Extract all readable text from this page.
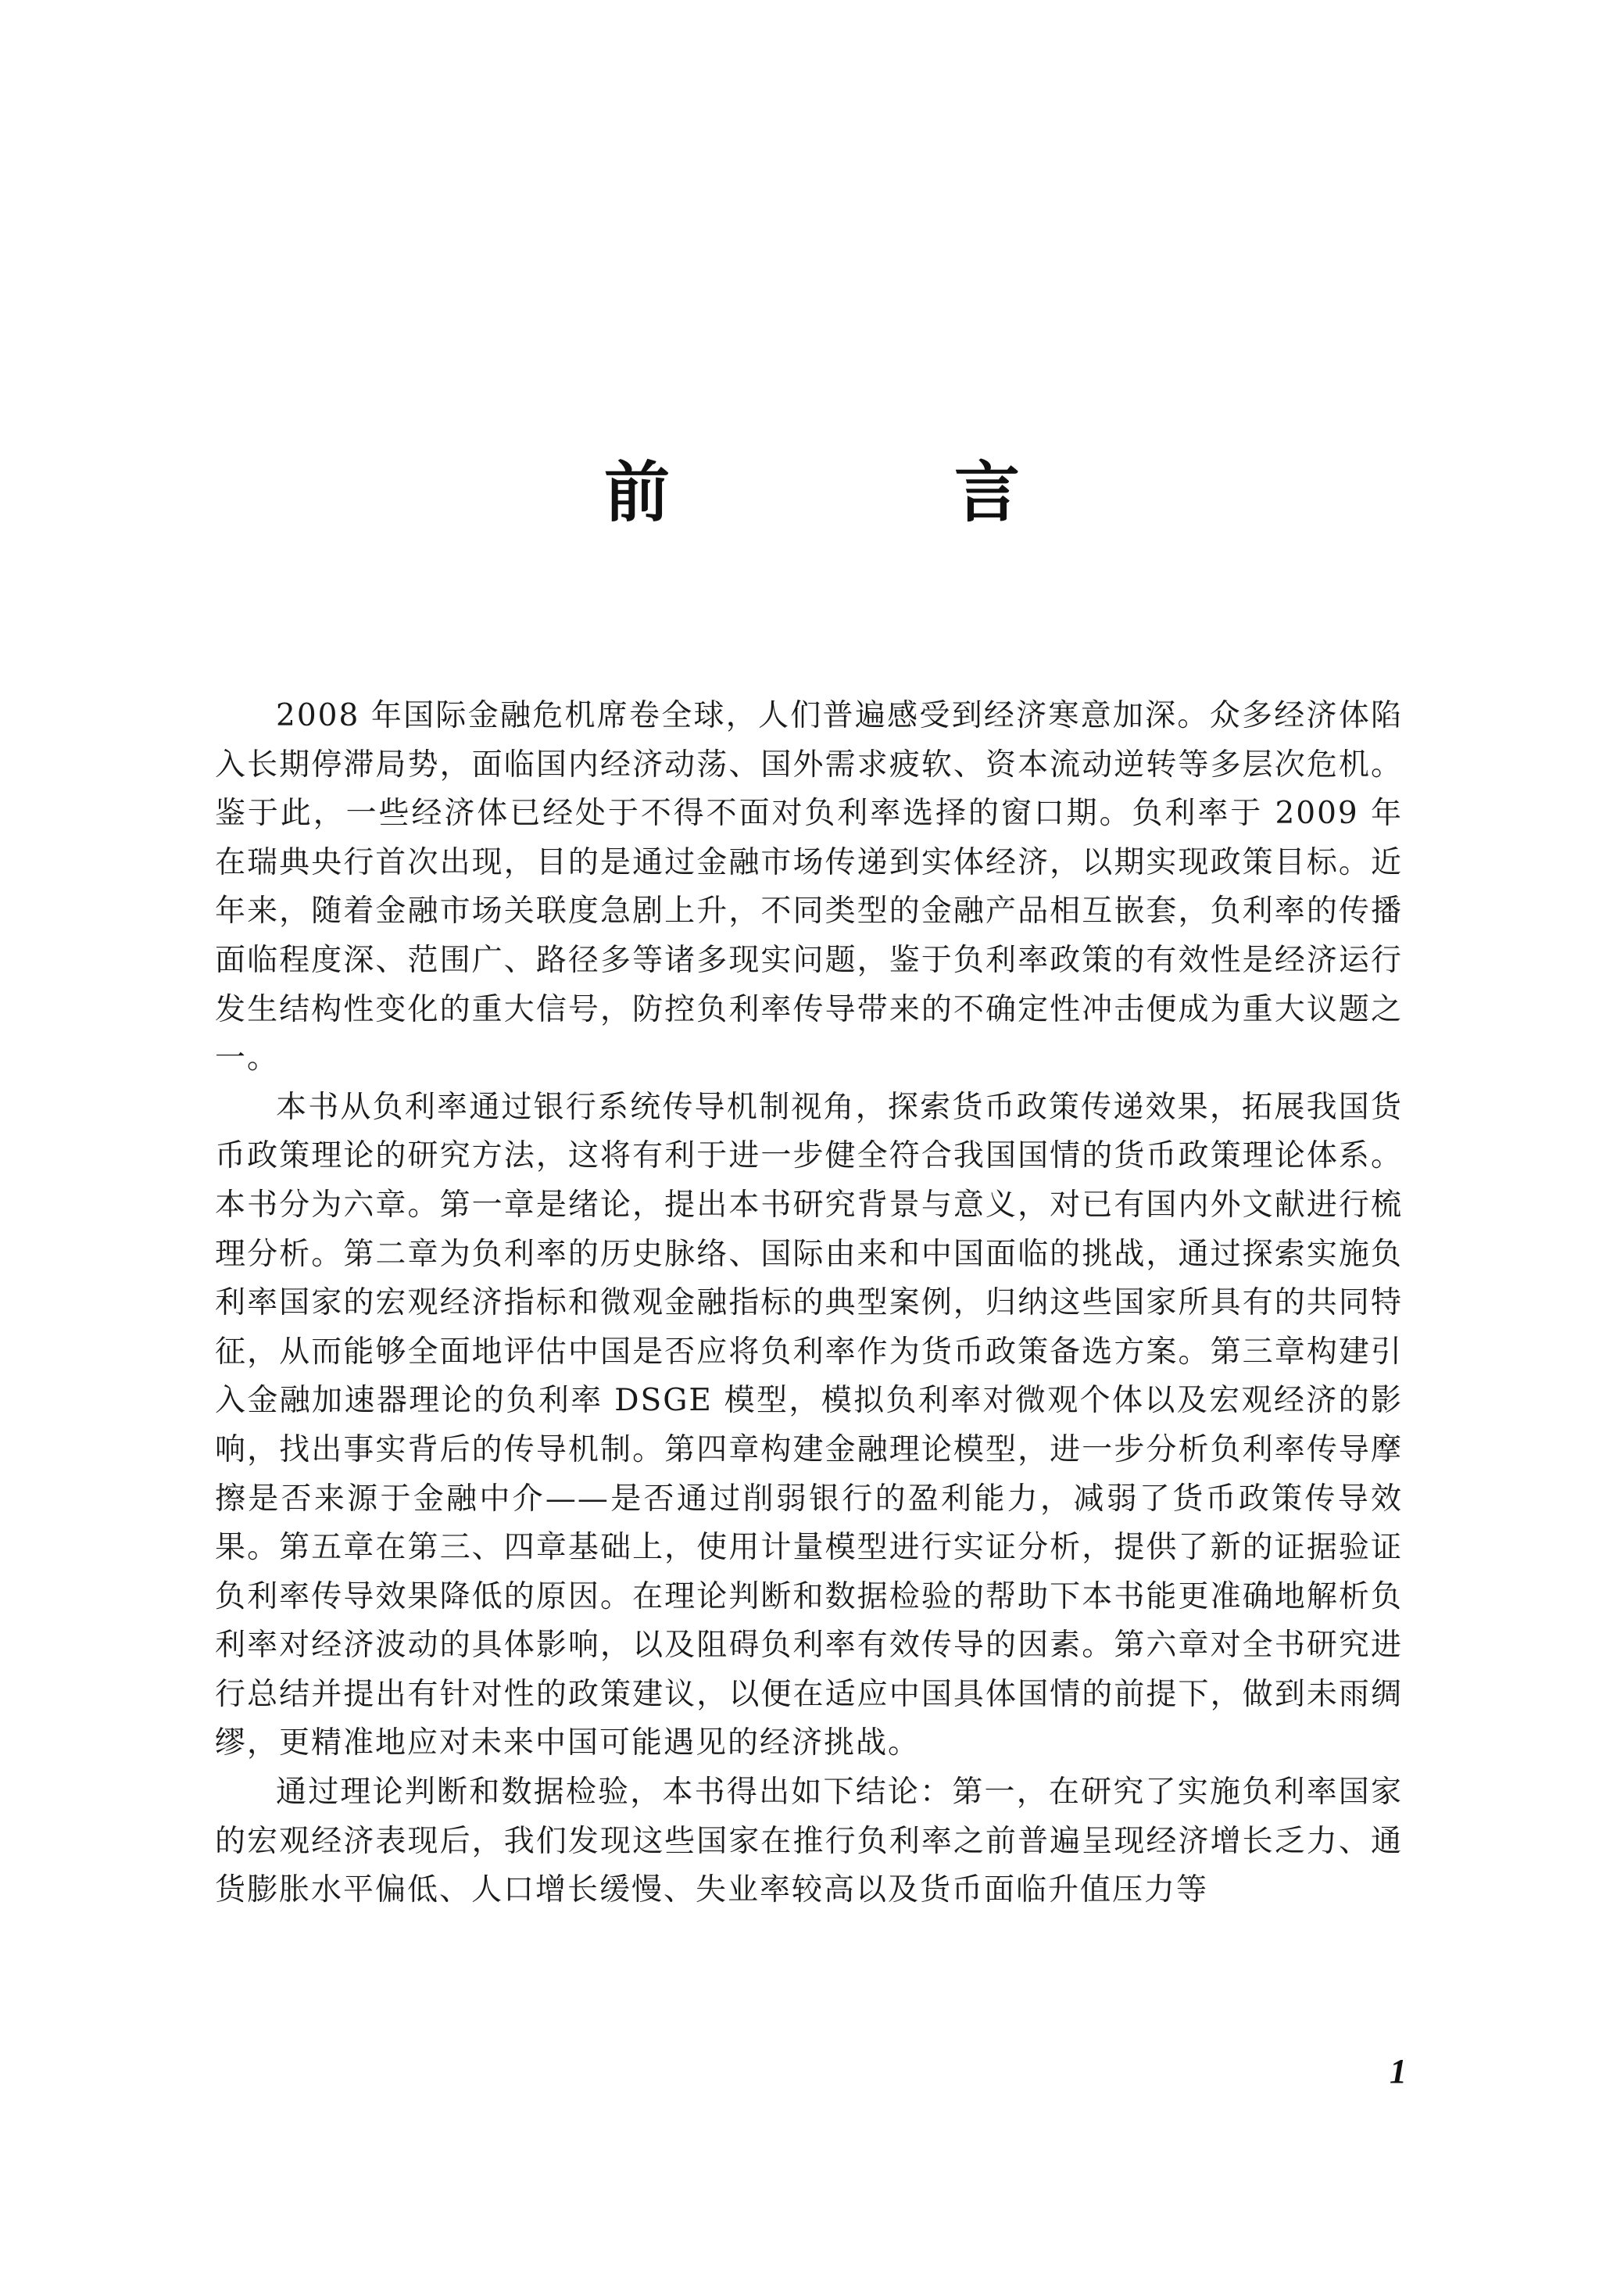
前　言

2008 年国际金融危机席卷全球，人们普遍感受到经济寒意加深。众多经济体陷入长期停滞局势，面临国内经济动荡、国外需求疲软、资本流动逆转等多层次危机。鉴于此，一些经济体已经处于不得不面对负利率选择的窗口期。负利率于 2009 年在瑞典央行首次出现，目的是通过金融市场传递到实体经济，以期实现政策目标。近年来，随着金融市场关联度急剧上升，不同类型的金融产品相互嵌套，负利率的传播面临程度深、范围广、路径多等诸多现实问题，鉴于负利率政策的有效性是经济运行发生结构性变化的重大信号，防控负利率传导带来的不确定性冲击便成为重大议题之一。

本书从负利率通过银行系统传导机制视角，探索货币政策传递效果，拓展我国货币政策理论的研究方法，这将有利于进一步健全符合我国国情的货币政策理论体系。本书分为六章。第一章是绪论，提出本书研究背景与意义，对已有国内外文献进行梳理分析。第二章为负利率的历史脉络、国际由来和中国面临的挑战，通过探索实施负利率国家的宏观经济指标和微观金融指标的典型案例，归纳这些国家所具有的共同特征，从而能够全面地评估中国是否应将负利率作为货币政策备选方案。第三章构建引入金融加速器理论的负利率 DSGE 模型，模拟负利率对微观个体以及宏观经济的影响，找出事实背后的传导机制。第四章构建金融理论模型，进一步分析负利率传导摩擦是否来源于金融中介——是否通过削弱银行的盈利能力，减弱了货币政策传导效果。第五章在第三、四章基础上，使用计量模型进行实证分析，提供了新的证据验证负利率传导效果降低的原因。在理论判断和数据检验的帮助下本书能更准确地解析负利率对经济波动的具体影响，以及阻碍负利率有效传导的因素。第六章对全书研究进行总结并提出有针对性的政策建议，以便在适应中国具体国情的前提下，做到未雨绸缪，更精准地应对未来中国可能遇见的经济挑战。

通过理论判断和数据检验，本书得出如下结论：第一，在研究了实施负利率国家的宏观经济表现后，我们发现这些国家在推行负利率之前普遍呈现经济增长乏力、通货膨胀水平偏低、人口增长缓慢、失业率较高以及货币面临升值压力等

1
